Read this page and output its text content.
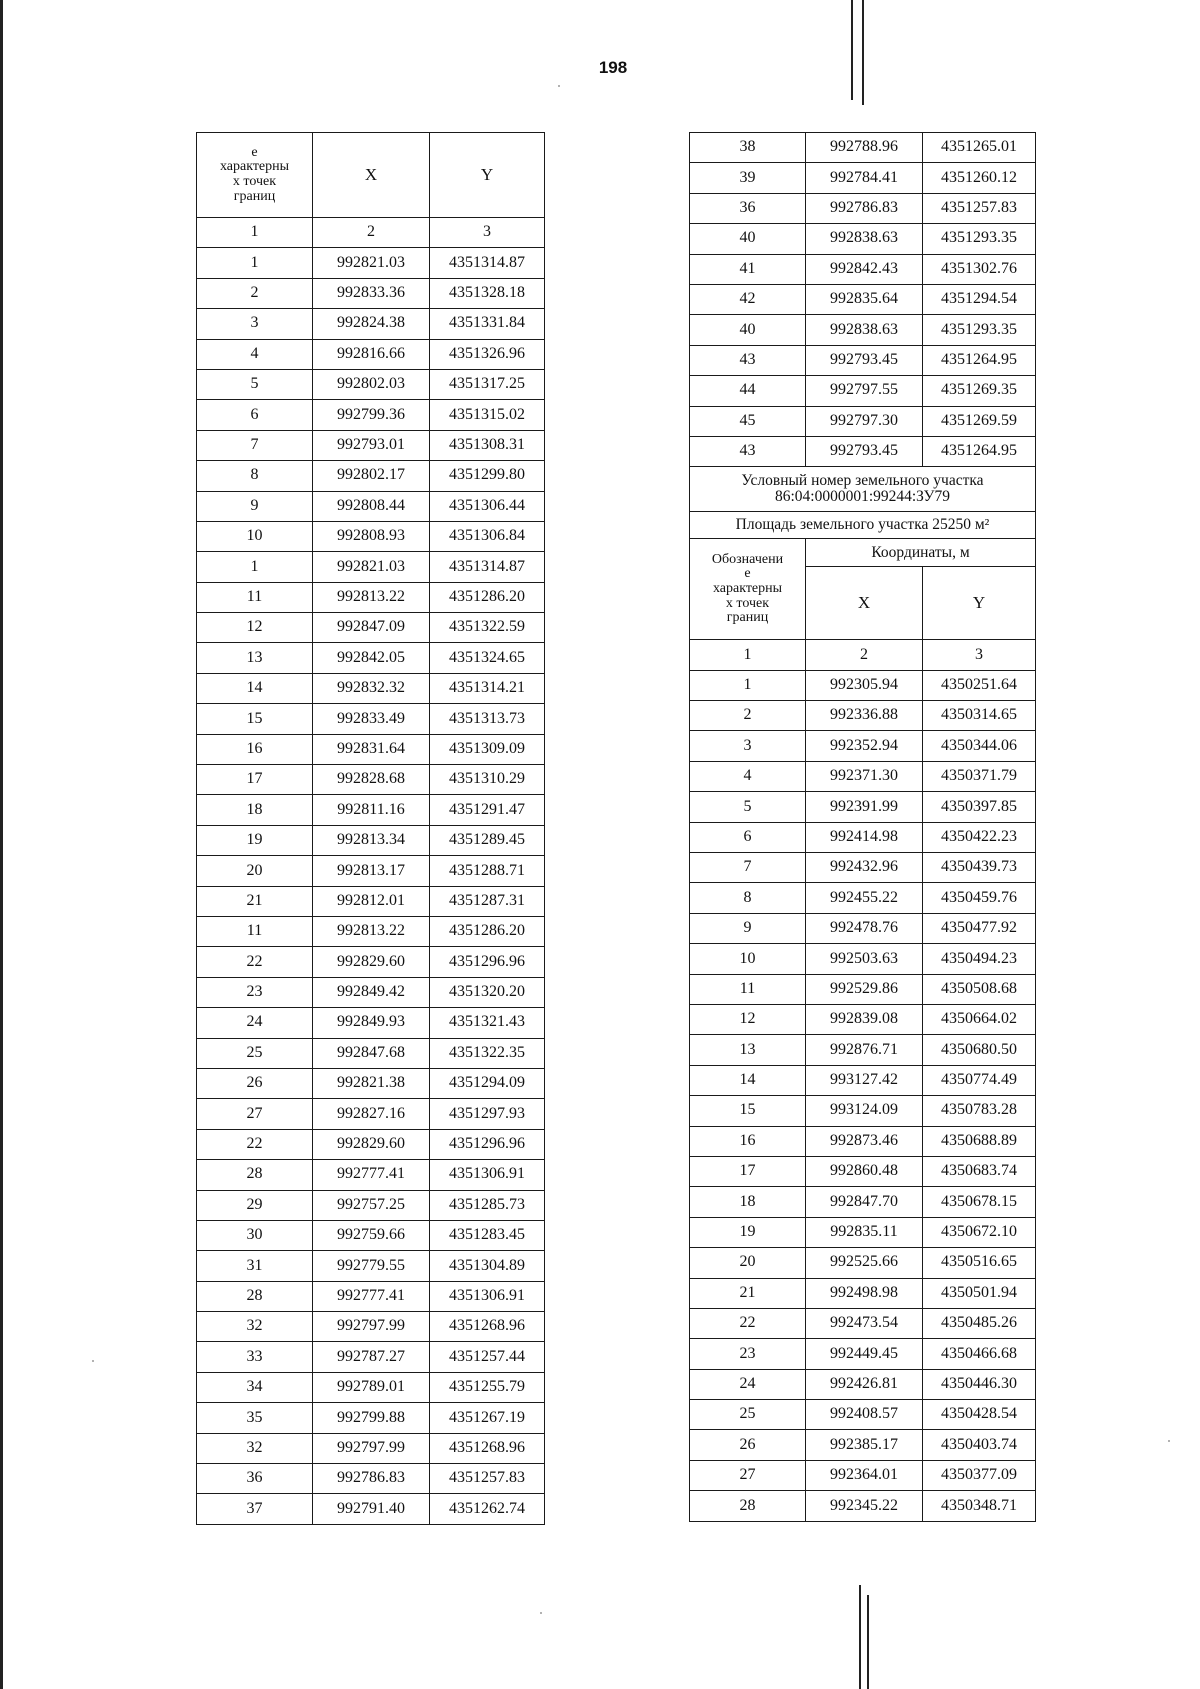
198
е
характерны
х точек
границ	X	Y
1	2	3
1	992821.03	4351314.87
2	992833.36	4351328.18
3	992824.38	4351331.84
4	992816.66	4351326.96
5	992802.03	4351317.25
6	992799.36	4351315.02
7	992793.01	4351308.31
8	992802.17	4351299.80
9	992808.44	4351306.44
10	992808.93	4351306.84
1	992821.03	4351314.87
11	992813.22	4351286.20
12	992847.09	4351322.59
13	992842.05	4351324.65
14	992832.32	4351314.21
15	992833.49	4351313.73
16	992831.64	4351309.09
17	992828.68	4351310.29
18	992811.16	4351291.47
19	992813.34	4351289.45
20	992813.17	4351288.71
21	992812.01	4351287.31
11	992813.22	4351286.20
22	992829.60	4351296.96
23	992849.42	4351320.20
24	992849.93	4351321.43
25	992847.68	4351322.35
26	992821.38	4351294.09
27	992827.16	4351297.93
22	992829.60	4351296.96
28	992777.41	4351306.91
29	992757.25	4351285.73
30	992759.66	4351283.45
31	992779.55	4351304.89
28	992777.41	4351306.91
32	992797.99	4351268.96
33	992787.27	4351257.44
34	992789.01	4351255.79
35	992799.88	4351267.19
32	992797.99	4351268.96
36	992786.83	4351257.83
37	992791.40	4351262.74
38	992788.96	4351265.01
39	992784.41	4351260.12
36	992786.83	4351257.83
40	992838.63	4351293.35
41	992842.43	4351302.76
42	992835.64	4351294.54
40	992838.63	4351293.35
43	992793.45	4351264.95
44	992797.55	4351269.35
45	992797.30	4351269.59
43	992793.45	4351264.95
Условный номер земельного участка
86:04:0000001:99244:ЗУ79		
Площадь земельного участка 25250 м²		
Обозначени
е
характерны
х точек
границ	Координаты, м	
	X	Y
1	2	3
1	992305.94	4350251.64
2	992336.88	4350314.65
3	992352.94	4350344.06
4	992371.30	4350371.79
5	992391.99	4350397.85
6	992414.98	4350422.23
7	992432.96	4350439.73
8	992455.22	4350459.76
9	992478.76	4350477.92
10	992503.63	4350494.23
11	992529.86	4350508.68
12	992839.08	4350664.02
13	992876.71	4350680.50
14	993127.42	4350774.49
15	993124.09	4350783.28
16	992873.46	4350688.89
17	992860.48	4350683.74
18	992847.70	4350678.15
19	992835.11	4350672.10
20	992525.66	4350516.65
21	992498.98	4350501.94
22	992473.54	4350485.26
23	992449.45	4350466.68
24	992426.81	4350446.30
25	992408.57	4350428.54
26	992385.17	4350403.74
27	992364.01	4350377.09
28	992345.22	4350348.71
